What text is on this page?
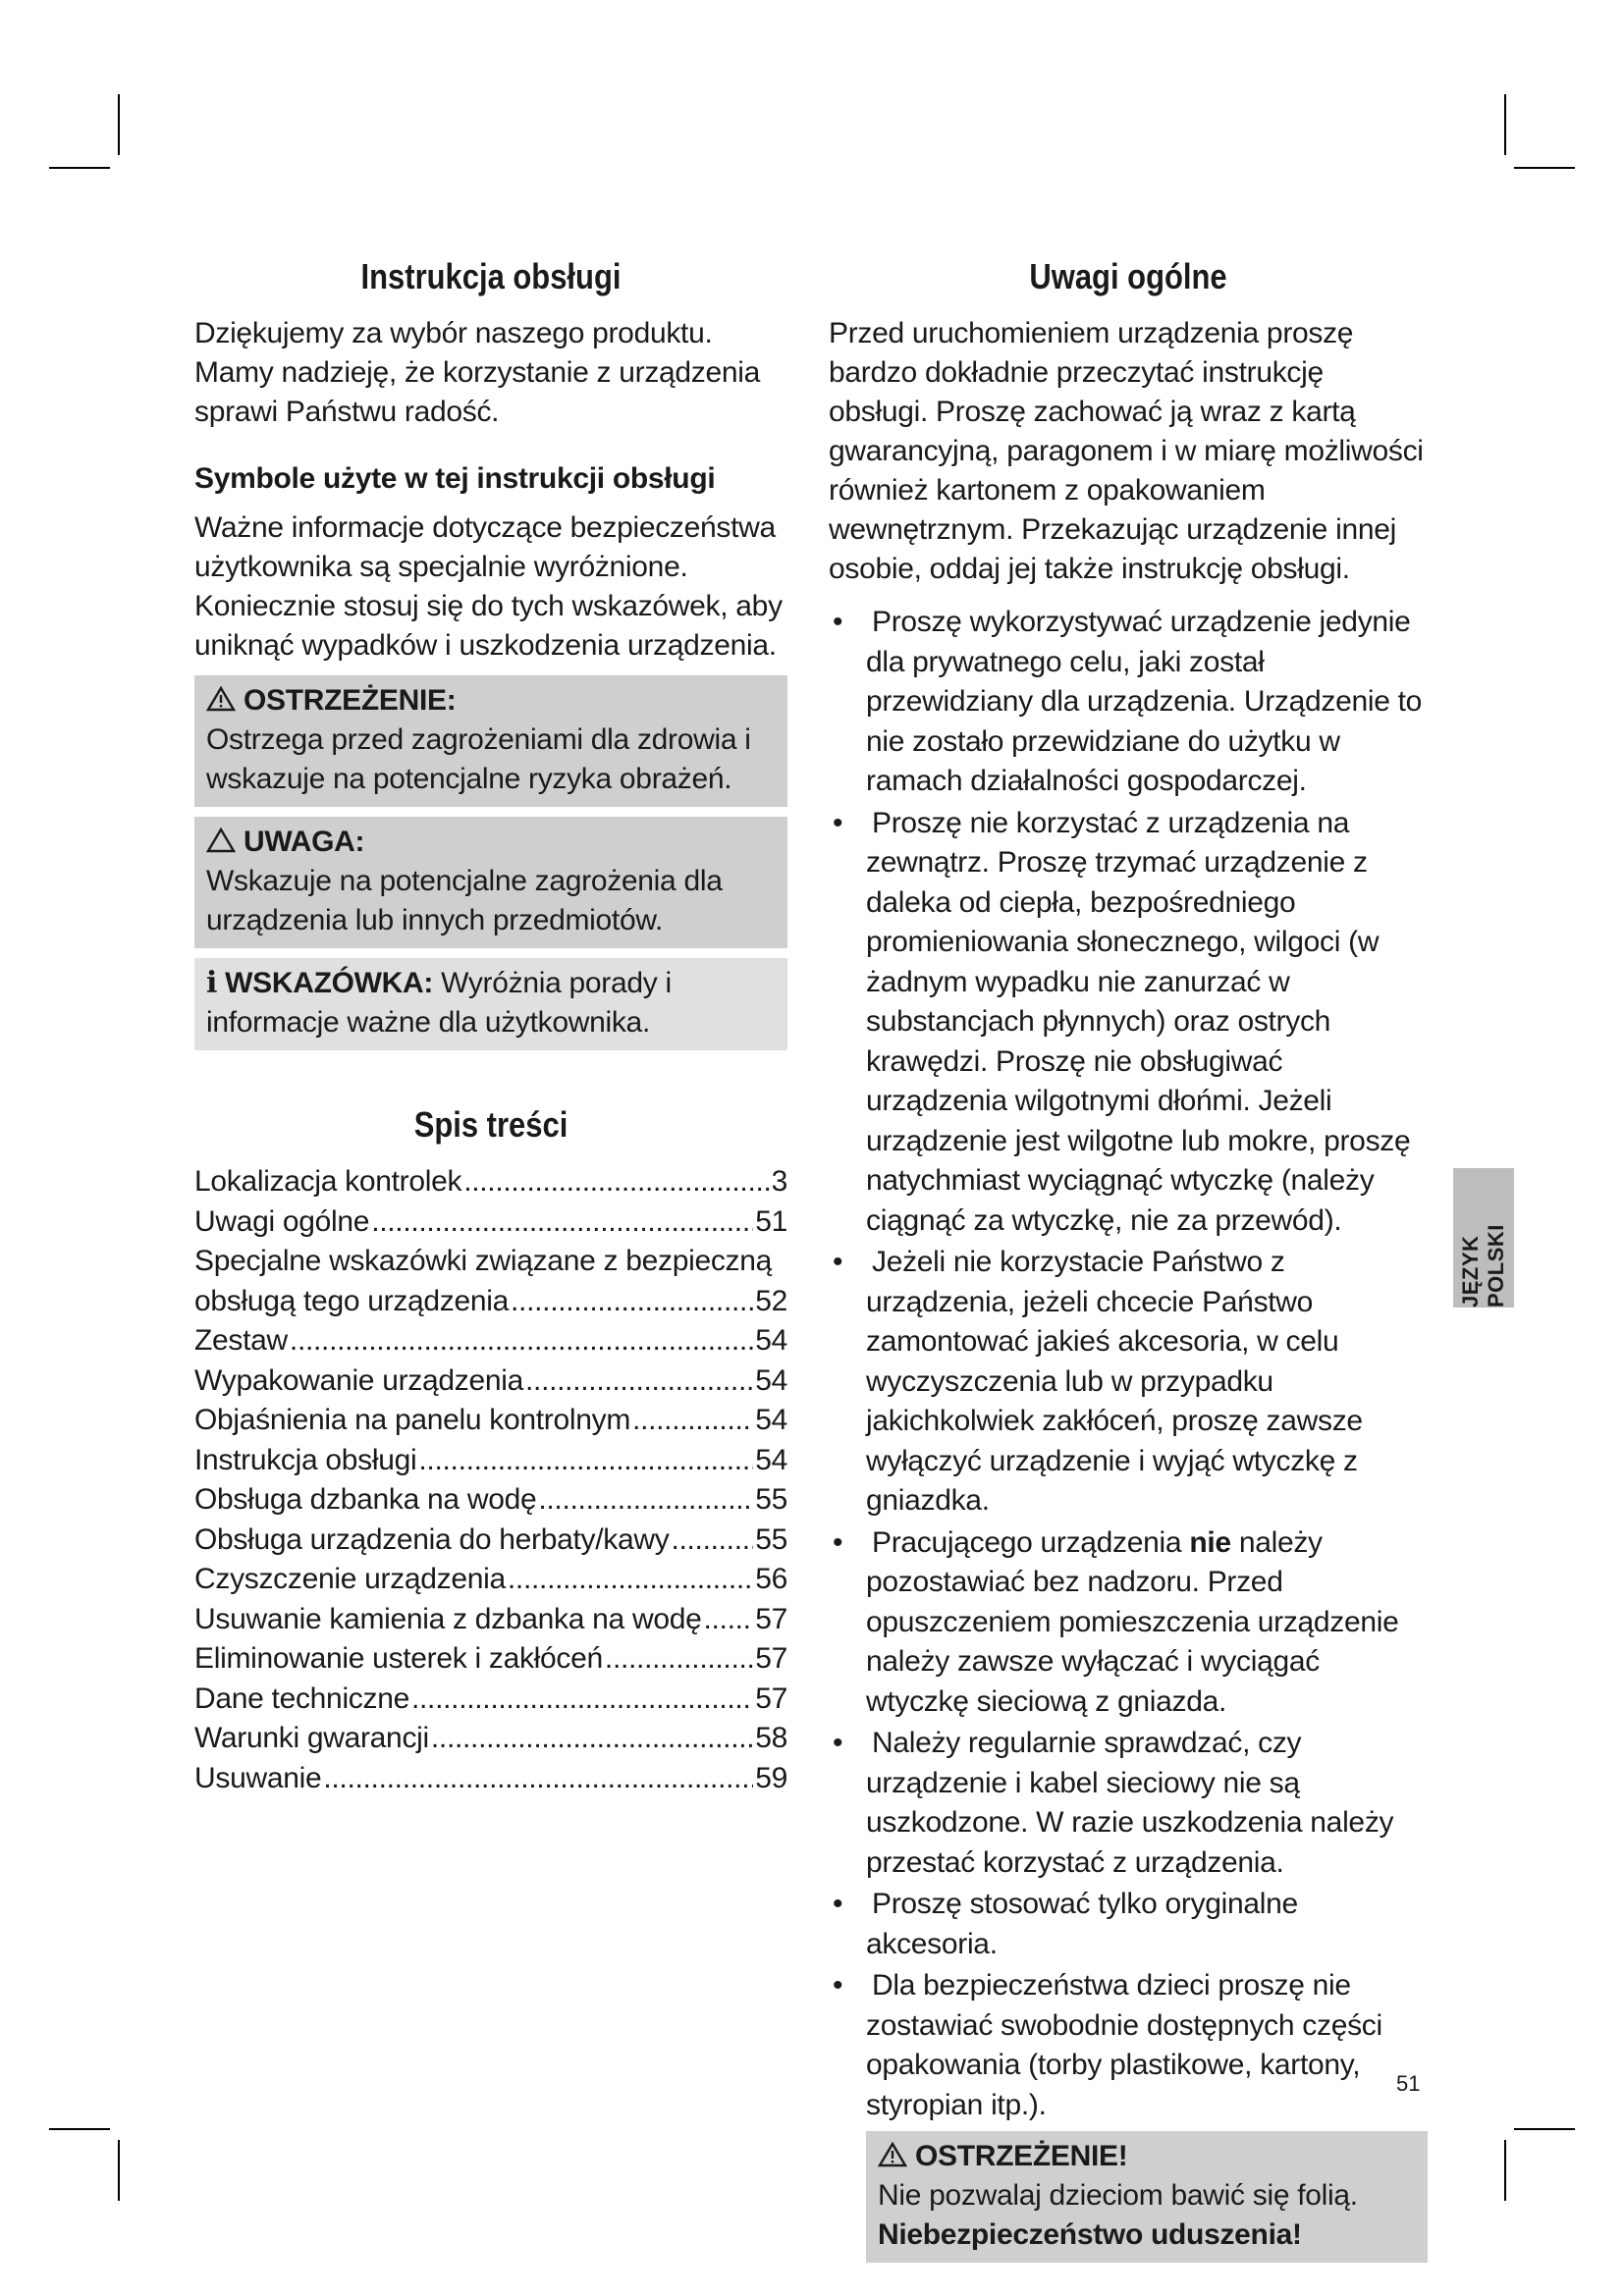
Instrukcja obsługi

Dziękujemy za wybór naszego produktu. Mamy nadzieję, że korzystanie z urządzenia sprawi Państwu radość.

Symbole użyte w tej instrukcji obsługi

Ważne informacje dotyczące bezpieczeństwa użytkownika są specjalnie wyróżnione. Koniecznie stosuj się do tych wskazówek, aby uniknąć wypadków i uszkodzenia urządzenia.

OSTRZEŻENIE:

Ostrzega przed zagrożeniami dla zdrowia i wskazuje na potencjalne ryzyka obrażeń.

UWAGA:

Wskazuje na potencjalne zagrożenia dla urządzenia lub innych przedmiotów.

i WSKAZÓWKA: Wyróżnia porady i informacje ważne dla użytkownika.

Spis treści
Lokalizacja kontrolek .....	3
Uwagi ogólne .....	51
Specjalne wskazówki związane z bezpieczną
obsługą tego urządzenia .....	52
Zestaw .....	54
Wypakowanie urządzenia .....	54
Objaśnienia na panelu kontrolnym .....	54
Instrukcja obsługi .....	54
Obsługa dzbanka na wodę .....	55
Obsługa urządzenia do herbaty/kawy .....	55
Czyszczenie urządzenia .....	56
Usuwanie kamienia z dzbanka na wodę ..... 57
Eliminowanie usterek i zakłóceń .....	57
Dane techniczne .....	57
Warunki gwarancji .....	58
Usuwanie .....	59
Uwagi ogólne

Przed uruchomieniem urządzenia proszę bardzo dokładnie przeczytać instrukcję obsługi. Proszę zachować ją wraz z kartą gwarancyjną, paragonem i w miarę możliwości również kartonem z opakowaniem wewnętrznym. Przekazując urządzenie innej osobie, oddaj jej także instrukcję obsługi.

• Proszę wykorzystywać urządzenie jedynie dla prywatnego celu, jaki został przewidziany dla urządzenia. Urządzenie to nie zostało przewidziane do użytku w ramach działalności gospodarczej.
• Proszę nie korzystać z urządzenia na zewnątrz. Proszę trzymać urządzenie z daleka od ciepła, bezpośredniego promieniowania słonecznego, wilgoci (w żadnym wypadku nie zanurzać w substancjach płynnych) oraz ostrych krawędzi. Proszę nie obsługiwać urządzenia wilgotnymi dłońmi. Jeżeli urządzenie jest wilgotne lub mokre, proszę natychmiast wyciągnąć wtyczkę (należy ciągnąć za wtyczkę, nie za przewód).
• Jeżeli nie korzystacie Państwo z urządzenia, jeżeli chcecie Państwo zamontować jakieś akcesoria, w celu wyczyszczenia lub w przypadku jakichkolwiek zakłóceń, proszę zawsze wyłączyć urządzenie i wyjąć wtyczkę z gniazdka.
• Pracującego urządzenia nie należy pozostawiać bez nadzoru. Przed opuszczeniem pomieszczenia urządzenie należy zawsze wyłączać i wyciągać wtyczkę sieciową z gniazda.
• Należy regularnie sprawdzać, czy urządzenie i kabel sieciowy nie są uszkodzone. W razie uszkodzenia należy przestać korzystać z urządzenia.
• Proszę stosować tylko oryginalne akcesoria.
• Dla bezpieczeństwa dzieci proszę nie zostawiać swobodnie dostępnych części opakowania (torby plastikowe, kartony, styropian itp.).
OSTRZEŻENIE!

Nie pozwalaj dzieciom bawić się folią. Niebezpieczeństwo uduszenia!

JĘZYK POLSKI
51
